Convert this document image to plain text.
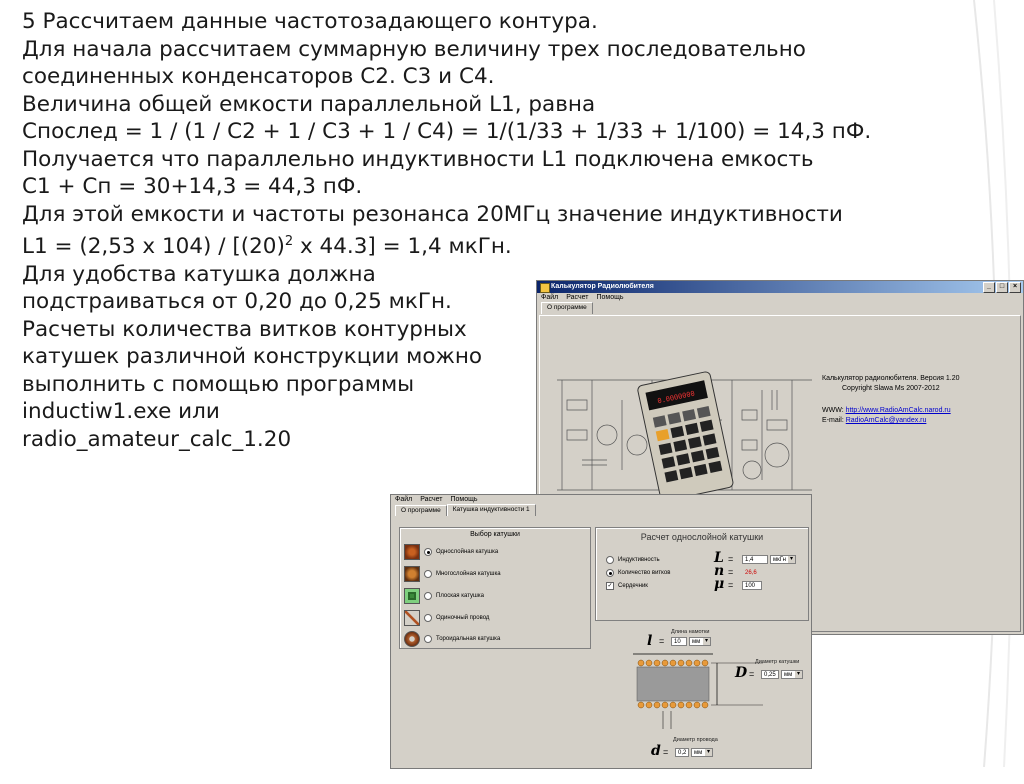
5 Рассчитаем данные частотозадающего контура.
Для начала рассчитаем суммарную величину трех последовательно
соединенных конденсаторов С2. С3 и С4.
Величина общей емкости параллельной L1, равна
Спослед = 1 / (1 / С2 + 1 / С3 + 1 / С4) = 1/(1/33 + 1/33 + 1/100) = 14,3 пФ.
Получается что параллельно индуктивности L1 подключена емкость
С1 + Сп = 30+14,3 = 44,3 пФ.
Для этой емкости и частоты резонанса 20МГц значение индуктивности
L1 = (2,53 х $104) / [(20)^2$ х 44.3] = 1,4 мкГн.
Для удобства катушка должна
подстраиваться от 0,20 до 0,25 мкГн.
Расчеты количества витков контурных
катушек различной конструкции можно
выполнить с помощью программы
inductiw1.exe или
radio_amateur_calc_1.20
Калькулятор Радиолюбителя	_	□	×
Файл Расчет Помощь
О программе
0.0000000
Калькулятор радиолюбителя. Версия 1.20
Copyright Slawa Ms 2007-2012
WWW: http://www.RadioAmCalc.narod.ru
E-mail: RadioAmCalc@yandex.ru
Файл Расчет Помощь
О программе	Катушка индуктивности 1
Выбор катушки
Однослойная катушка
Многослойная катушка
Плоская катушка
Одиночный провод
Тороидальная катушка
Расчет однослойной катушки
Индуктивность
Количество витков
✓ Сердечник
L =	1,4	мкГн ▾
n =	26,6
μ =	100
Длина намотки
l =	10	мм ▾
Диаметр катушки
D =	0,25	мм ▾
Диаметр провода
d =	0,2	мм ▾
